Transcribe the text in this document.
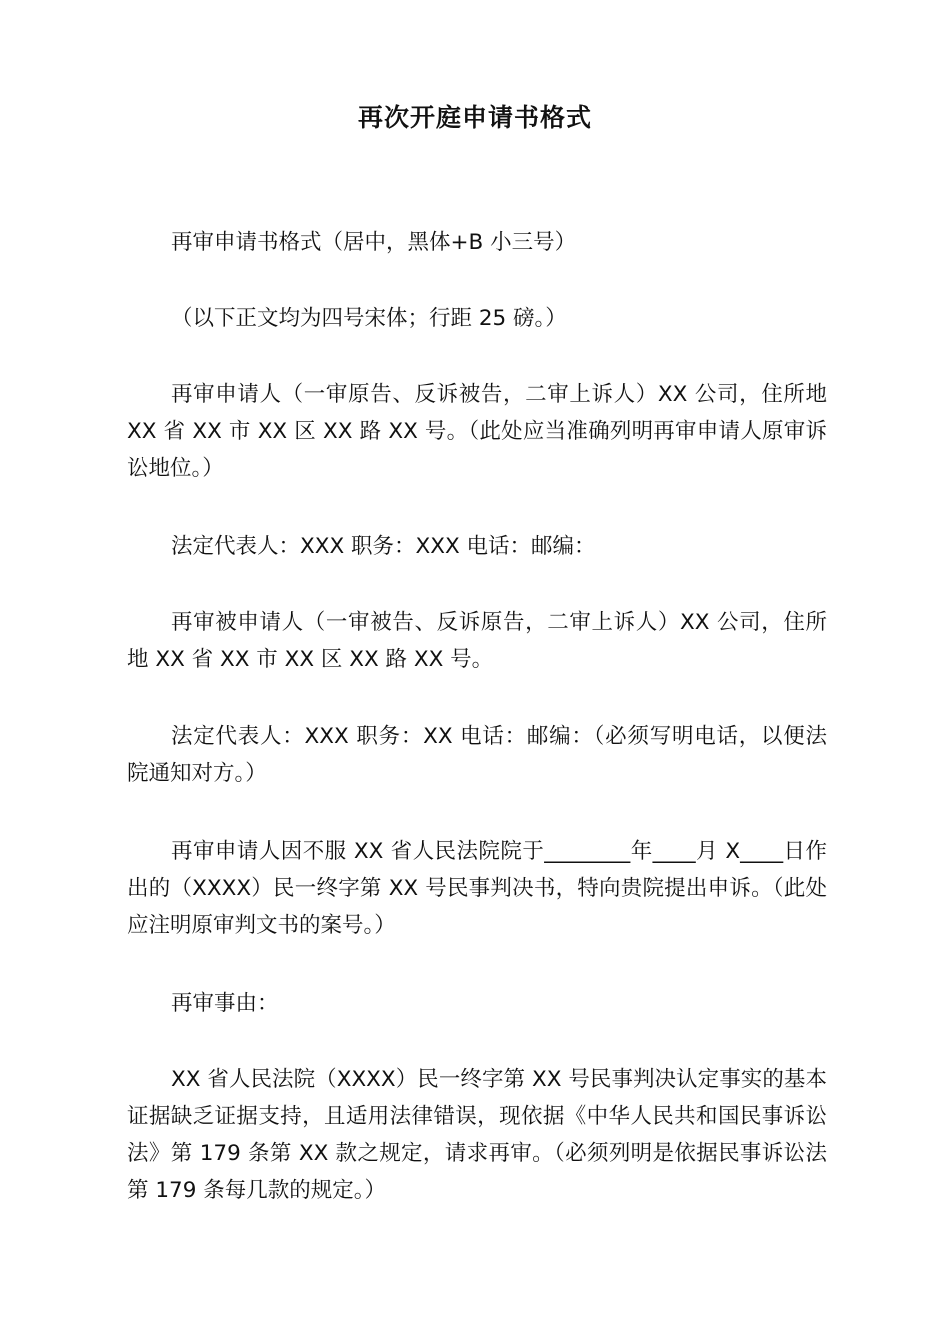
再次开庭申请书格式
再审申请书格式（居中，黑体+B 小三号）
（以下正文均为四号宋体；行距 25 磅。）
再审申请人（一审原告、反诉被告，二审上诉人）XX 公司，住所地 XX 省 XX 市 XX 区 XX 路 XX 号。（此处应当准确列明再审申请人原审诉讼地位。）
法定代表人：XXX 职务：XXX 电话：邮编：
再审被申请人（一审被告、反诉原告，二审上诉人）XX 公司，住所地 XX 省 XX 市 XX 区 XX 路 XX 号。
法定代表人：XXX 职务：XX 电话：邮编：（必须写明电话，以便法院通知对方。）
再审申请人因不服 XX 省人民法院院于________年____月 X____日作出的（XXXX）民一终字第 XX 号民事判决书，特向贵院提出申诉。（此处应注明原审判文书的案号。）
再审事由：
XX 省人民法院（XXXX）民一终字第 XX 号民事判决认定事实的基本证据缺乏证据支持，且适用法律错误，现依据《中华人民共和国民事诉讼法》第 179 条第 XX 款之规定，请求再审。（必须列明是依据民事诉讼法第 179 条每几款的规定。）
